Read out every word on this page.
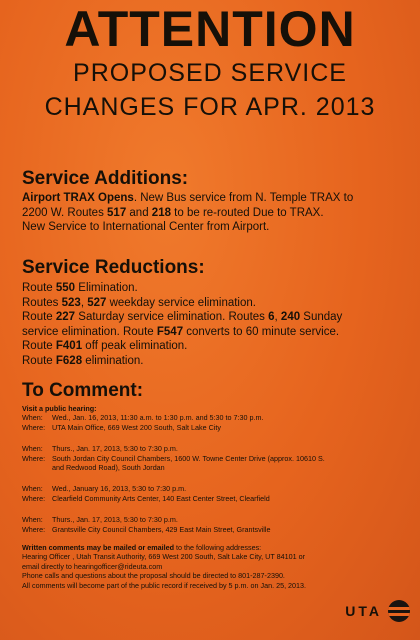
ATTENTION
PROPOSED SERVICE
CHANGES FOR APR. 2013
Service Additions:
Airport TRAX Opens. New Bus service from N. Temple TRAX to
2200 W. Routes 517 and 218 to be re-routed Due to TRAX.
New Service to International Center from Airport.
Service Reductions:
Route 550 Elimination.
Routes 523, 527 weekday service elimination.
Route 227 Saturday service elimination. Routes 6, 240 Sunday
service elimination. Route F547 converts to 60 minute service.
Route F401 off peak elimination.
Route F628 elimination.
To Comment:
Visit a public hearing:
When: Wed., Jan. 16, 2013, 11:30 a.m. to 1:30 p.m. and 5:30 to 7:30 p.m.
Where: UTA Main Office, 669 West 200 South, Salt Lake City
When: Thurs., Jan. 17, 2013, 5:30 to 7:30 p.m.
Where: South Jordan City Council Chambers, 1600 W. Towne Center Drive (approx. 10610 S.
and Redwood Road), South Jordan
When: Wed., January 16, 2013, 5:30 to 7:30 p.m.
Where: Clearfield Community Arts Center, 140 East Center Street, Clearfield
When: Thurs., Jan. 17, 2013, 5:30 to 7:30 p.m.
Where: Grantsville City Council Chambers, 429 East Main Street, Grantsville
Written comments may be mailed or emailed to the following addresses:
Hearing Officer , Utah Transit Authority, 669 West 200 South, Salt Lake City, UT 84101 or
email directly to hearingofficer@rideuta.com
Phone calls and questions about the proposal should be directed to 801-287-2390.
All comments will become part of the public record if received by 5 p.m. on Jan. 25, 2013.
UTA
